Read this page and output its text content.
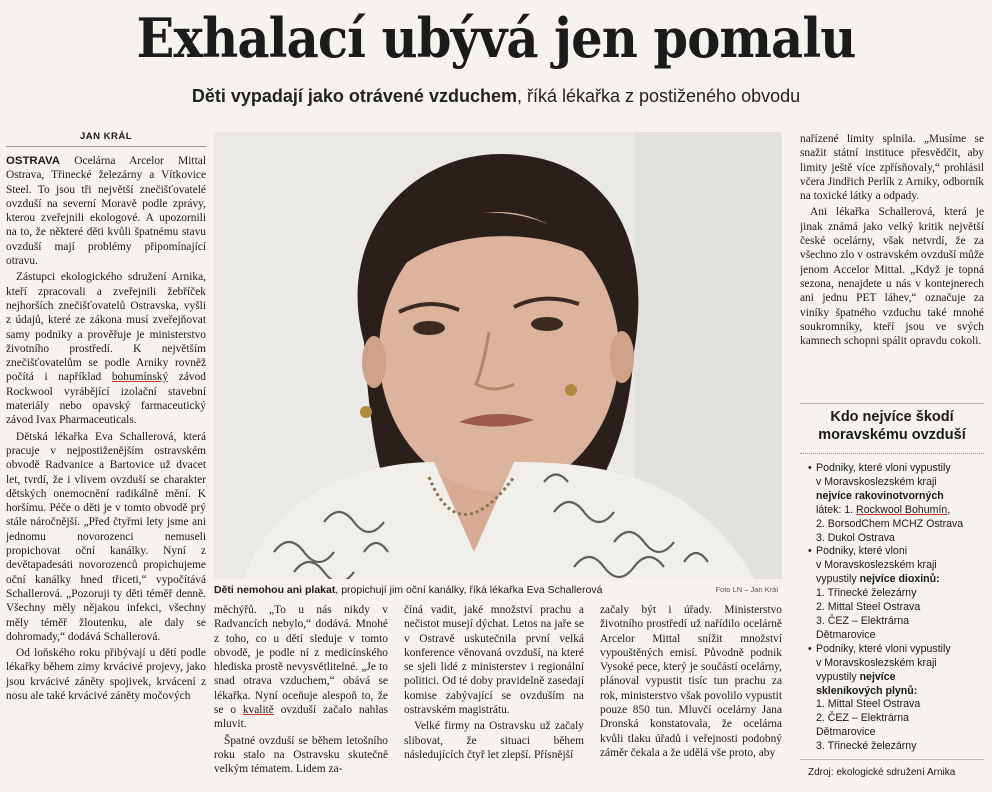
Exhalací ubývá jen pomalu
Děti vypadají jako otrávené vzduchem, říká lékařka z postiženého obvodu
JAN KRÁL

OSTRAVA Ocelárna Arcelor Mittal Ostrava, Třinecké železárny a Vítkovice Steel. To jsou tři největší znečišťovatelé ovzduší na severní Moravě podle zprávy, kterou zveřejnili ekologové. A upozornili na to, že některé děti kvůli špatnému stavu ovzduší mají problémy připomínající otravu.

Zástupci ekologického sdružení Arnika, kteří zpracovali a zveřejnili žebříček nejhorších znečišťovatelů Ostravska, vyšli z údajů, které ze zákona musí zveřejňovat samy podniky a prověřuje je ministerstvo životního prostředí. K největším znečišťovatelům se podle Arniky rovněž počítá i například bohumínský závod Rockwool vyrábějící izolační stavební materiály nebo opavský farmaceutický závod Ivax Pharmaceuticals.

Dětská lékařka Eva Schallerová, která pracuje v nejpostiženějším ostravském obvodě Radvanice a Bartovice už dvacet let, tvrdí, že i vlivem ovzduší se charakter dětských onemocnění radikálně mění. K horšímu. Péče o děti je v tomto obvodě prý stále náročnější. „Před čtyřmi lety jsme ani jednomu novorozenci nemuseli propichovat oční kanálky. Nyní z devětapadesáti novorozenců propichujeme oční kanálky hned třiceti,“ vypočítává Schallerová. „Pozoruji ty děti téměř denně. Všechny měly nějakou infekci, všechny měly téměř žloutenku, ale daly se dohromady,“ dodává Schallerová.

Od loňského roku přibývají u dětí podle lékařky během zimy krvácivé projevy, jako jsou krvácivé záněty spojivek, krvácení z nosu ale také krvácivé záněty močových

Děti nemohou ani plakat, propichují jim oční kanálky, říká lékařka Eva Schallerová	Foto LN – Jan Král

měchýřů. „To u nás nikdy v Radvancích nebylo,“ dodává. Mnohé z toho, co u dětí sleduje v tomto obvodě, je podle ní z medicínského hlediska prostě nevysvětlitelné. „Je to snad otrava vzduchem,“ obává se lékařka. Nyní oceňuje alespoň to, že se o kvalitě ovzduší začalo nahlas mluvit.

Špatné ovzduší se během letošního roku stalo na Ostravsku skutečně velkým tématem. Lidem za-

číná vadit, jaké množství prachu a nečistot musejí dýchat. Letos na jaře se v Ostravě uskutečnila první velká konference věnovaná ovzduší, na které se sjeli lidé z ministerstev i regionální politici. Od té doby pravidelně zasedají komise zabývající se ovzduším na ostravském magistrátu.

Velké firmy na Ostravsku už začaly slibovat, že situaci během následujících čtyř let zlepší. Přísnější

začaly být i úřady. Ministerstvo životního prostředí už nařídilo ocelárně Arcelor Mittal snížit množství vypouštěných emisí. Původně podnik Vysoké pece, který je součástí ocelárny, plánoval vypustit tisíc tun prachu za rok, ministerstvo však povolilo vypustit pouze 850 tun. Mluvčí ocelárny Jana Dronská konstatovala, že ocelárna kvůli tlaku úřadů i veřejnosti podobný záměr čekala a že udělá vše proto, aby

nařízené limity splnila. „Musíme se snažit státní instituce přesvědčit, aby limity ještě více zpřísňovaly,“ prohlásil včera Jindřich Perlík z Arniky, odborník na toxické látky a odpady.

Ani lékařka Schallerová, která je jinak známá jako velký kritik největší české ocelárny, však netvrdí, že za všechno zlo v ostravském ovzduší může jenom Accelor Mittal. „Když je topná sezona, nenajdete u nás v kontejnerech ani jednu PET láhev,“ označuje za viníky špatného vzduchu také mnohé soukromníky, kteří jsou ve svých kamnech schopni spálit opravdu cokoli.

Kdo nejvíce škodí
moravskému ovzduší
• Podniky, které vloni vypustily
v Moravskoslezském kraji
nejvíce rakovinotvorných
látek: 1. Rockwool Bohumín,
2. BorsodChem MCHZ Ostrava
3. Dukol Ostrava
• Podniky, které vloni
v Moravskoslezském kraji
vypustily nejvíce dioxinů:
1. Třinecké železárny
2. Mittal Steel Ostrava
3. ČEZ – Elektrárna
Dětmarovice
• Podniky, které vloni vypustily
v Moravskoslezském kraji
vypustily nejvíce
skleníkových plynů:
1. Mittal Steel Ostrava
2. ČEZ – Elektrárna
Dětmarovice
3. Třinecké železárny
Zdroj: ekologické sdružení Arnika
